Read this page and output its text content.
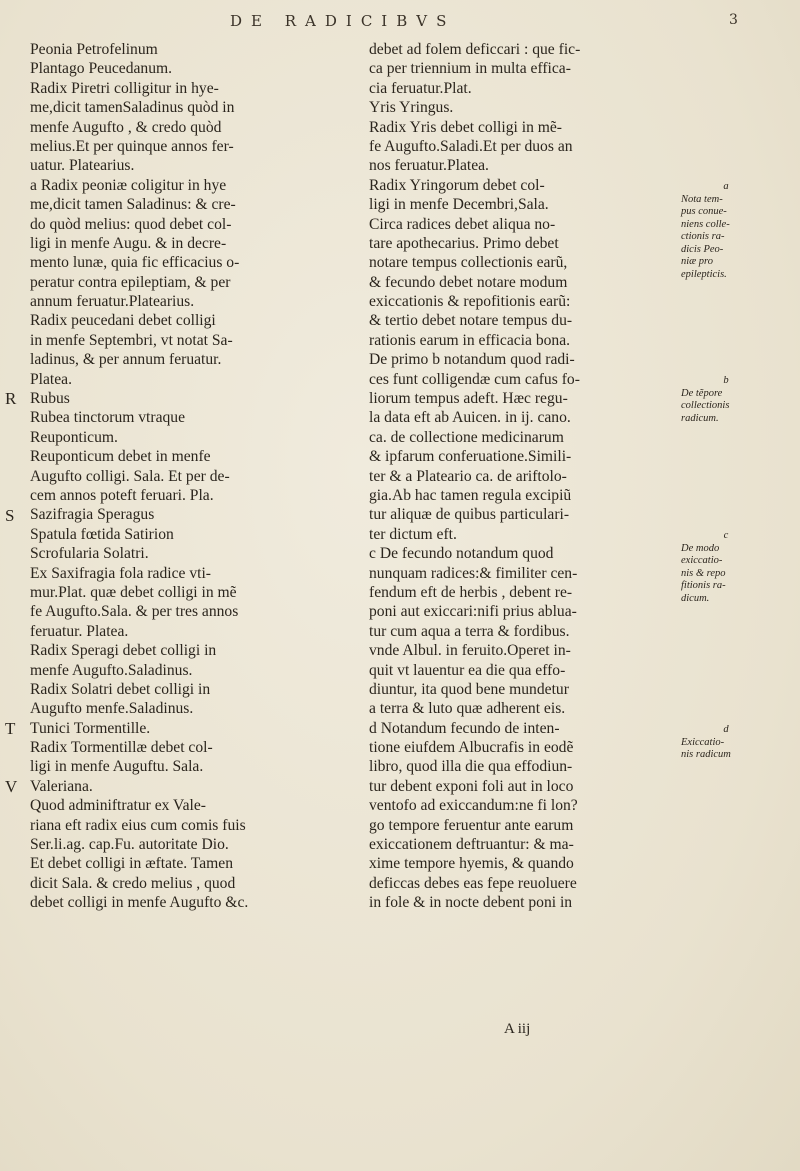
DE RADICIBVS	3
Peonia Petrofelinum
Plantago Peucedanum.
Radix Piretri colligitur in hye-
me,dicit tamenSaladinus quòd in
menfe Augufto , & credo quòd
melius.Et per quinque annos fer-
uatur. Platearius.
a Radix peoniæ coligitur in hye
me,dicit tamen Saladinus: & cre-
do quòd melius: quod debet col-
ligi in menfe Augu. & in decre-
mento lunæ, quia fic efficacius o-
peratur contra epileptiam, & per
annum feruatur.Platearius.
Radix peucedani debet colligi
in menfe Septembri, vt notat Sa-
ladinus, & per annum feruatur.
Platea.
Rubus
Rubea tinctorum vtraque
Reuponticum.
Reuponticum debet in menfe
Augufto colligi. Sala. Et per de-
cem annos poteft feruari. Pla.
Sazifragia Speragus
Spatula fœtida Satirion
Scrofularia Solatri.
Ex Saxifragia fola radice vti-
mur.Plat. quæ debet colligi in mẽ
fe Augufto.Sala. & per tres annos
feruatur. Platea.
Radix Speragi debet colligi in
menfe Augufto.Saladinus.
Radix Solatri debet colligi in
Augufto menfe.Saladinus.
Tunici Tormentille.
Radix Tormentillæ debet col-
ligi in menfe Auguftu. Sala.
Valeriana.
Quod adminiftratur ex Vale-
riana eft radix eius cum comis fuis
Ser.li.ag. cap.Fu. autoritate Dio.
Et debet colligi in æftate. Tamen
dicit Sala. & credo melius , quod
debet colligi in menfe Augufto &c.
R
S
T
V
debet ad folem deficcari : que fic-
ca per triennium in multa effica-
cia feruatur.Plat.
Yris Yringus.
Radix Yris debet colligi in mẽ-
fe Augufto.Saladi.Et per duos an
nos feruatur.Platea.
Radix Yringorum debet col-
ligi in menfe Decembri,Sala.
Circa radices debet aliqua no-
tare apothecarius. Primo debet
notare tempus collectionis earũ,
& fecundo debet notare modum
exiccationis & repofitionis earũ:
& tertio debet notare tempus du-
rationis earum in efficacia bona.
De primo b notandum quod radi-
ces funt colligendæ cum cafus fo-
liorum tempus adeft. Hæc regu-
la data eft ab Auicen. in ij. cano.
ca. de collectione medicinarum
& ipfarum conferuatione.Simili-
ter & a Plateario ca. de ariftolo-
gia.Ab hac tamen regula excipiũ
tur aliquæ de quibus particulari-
ter dictum eft.
c De fecundo notandum quod
nunquam radices:& fimiliter cen-
fendum eft de herbis , debent re-
poni aut exiccari:nifi prius ablua-
tur cum aqua a terra & fordibus.
vnde Albul. in feruito.Operet in-
quit vt lauentur ea die qua effo-
diuntur, ita quod bene mundetur
a terra & luto quæ adherent eis.
d Notandum fecundo de inten-
tione eiufdem Albucrafis in eodẽ
libro, quod illa die qua effodiun-
tur debent exponi foli aut in loco
ventofo ad exiccandum:ne fi lon?
go tempore feruentur ante earum
exiccationem deftruantur: & ma-
xime tempore hyemis, & quando
deficcas debes eas fepe reuoluere
in fole & in nocte debent poni in
a
Nota tem-
pus conue-
niens colle-
ctionis ra-
dicis Peo-
niæ pro
epilepticis.
b
De tẽpore
collectionis
radicum.
c
De modo
exiccatio-
nis & repo
fitionis ra-
dicum.
d
Exiccatio-
nis radicum
A iij
